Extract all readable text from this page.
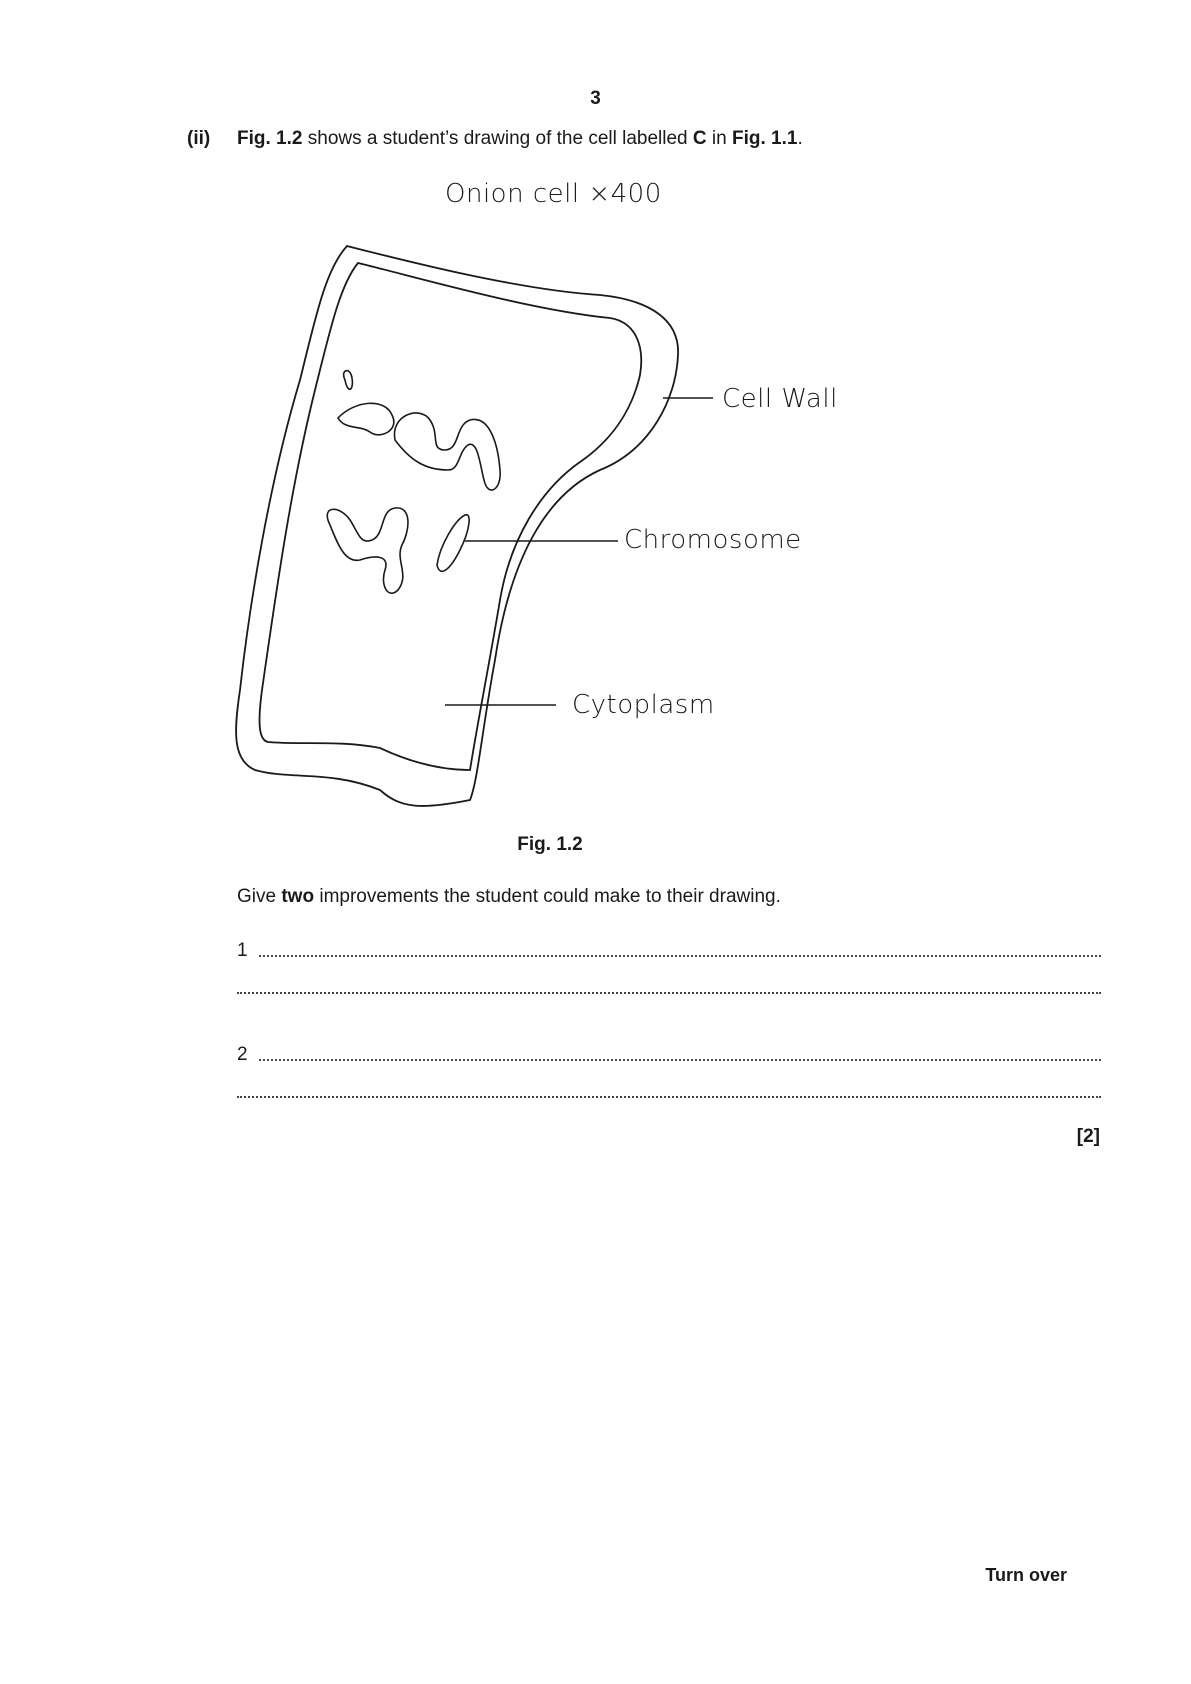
3
(ii) Fig. 1.2 shows a student’s drawing of the cell labelled C in Fig. 1.1.
Onion cell ×400
Cell Wall
Chromosome
Cytoplasm
Fig. 1.2
Give two improvements the student could make to their drawing.
1
2
[2]
Turn over
